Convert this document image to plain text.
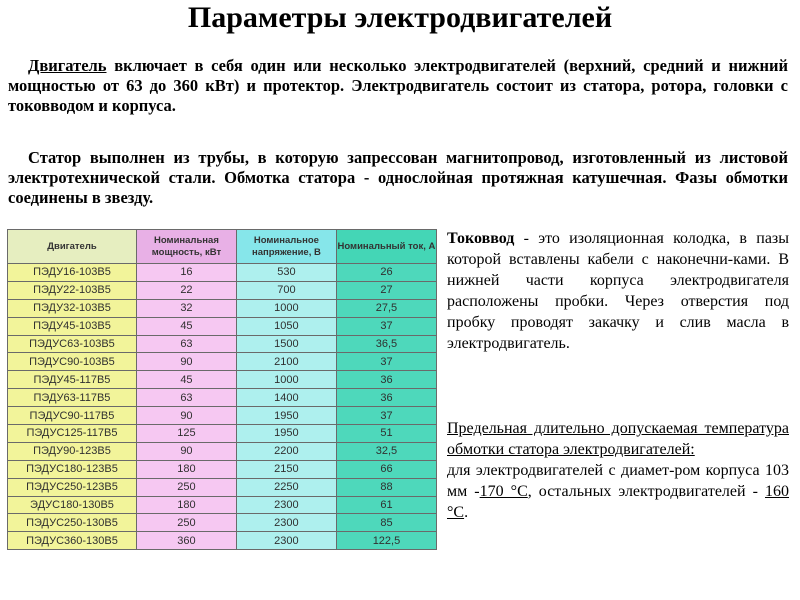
Параметры электродвигателей
Двигатель включает в себя один или несколько электродвигателей (верхний, средний и нижний мощностью от 63 до 360 кВт) и протектор. Электродвигатель состоит из статора, ротора, головки с токовводом и корпуса.
Статор выполнен из трубы, в которую запрессован магнитопровод, изготовленный из листовой электротехнической стали. Обмотка статора - однослойная протяжная катушечная. Фазы обмотки соединены в звезду.
Двигатель	Номинальная мощность, кВт	Номинальное напряжение, В	Номинальный ток, А
ПЭДУ16-103В5	16	530	26
ПЭДУ22-103В5	22	700	27
ПЭДУ32-103В5	32	1000	27,5
ПЭДУ45-103В5	45	1050	37
ПЭДУС63-103В5	63	1500	36,5
ПЭДУС90-103В5	90	2100	37
ПЭДУ45-117В5	45	1000	36
ПЭДУ63-117В5	63	1400	36
ПЭДУС90-117В5	90	1950	37
ПЭДУС125-117В5	125	1950	51
ПЭДУ90-123В5	90	2200	32,5
ПЭДУС180-123В5	180	2150	66
ПЭДУС250-123В5	250	2250	88
ЭДУС180-130В5	180	2300	61
ПЭДУС250-130В5	250	2300	85
ПЭДУС360-130В5	360	2300	122,5
Токоввод - это изоляционная колодка, в пазы которой вставлены кабели с наконечни-ками. В нижней части корпуса электродвигателя расположены пробки. Через отверстия под пробку проводят закачку и слив масла в электродвигатель.
Предельная длительно допускаемая температура обмотки статора электродвигателей:
для электродвигателей с диамет-ром корпуса 103 мм -170 °С, остальных электродвигателей - 160 °С.
